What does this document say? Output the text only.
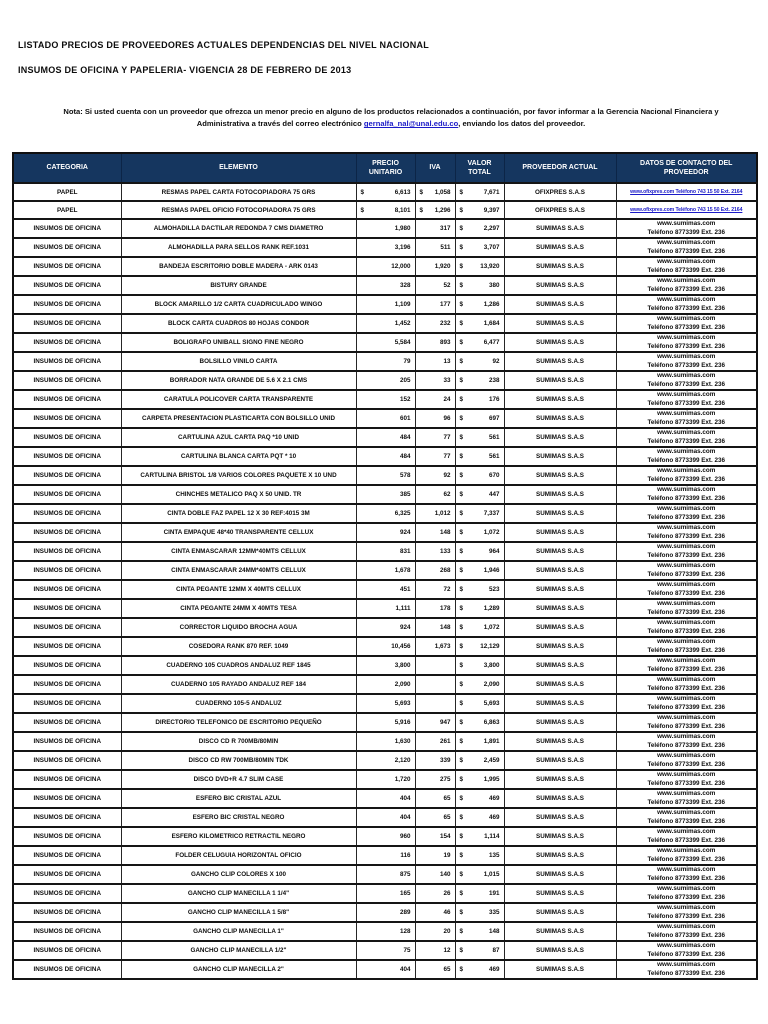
LISTADO PRECIOS DE PROVEEDORES ACTUALES DEPENDENCIAS DEL NIVEL NACIONAL
INSUMOS DE OFICINA Y PAPELERIA- VIGENCIA 28 DE FEBRERO DE 2013
Nota: Si usted cuenta con un proveedor que ofrezca un menor precio en alguno de los productos relacionados a continuación, por favor informar a la Gerencia Nacional Financiera y Administrativa a través del correo electrónico gernalfa_nal@unal.edu.co, enviando los datos del proveedor.
CATEGORIA	ELEMENTO	PRECIO UNITARIO	IVA	VALOR TOTAL	PROVEEDOR ACTUAL	DATOS DE CONTACTO DEL PROVEEDOR
PAPEL	RESMAS PAPEL CARTA FOTOCOPIADORA 75 GRS	$ 6,613	$ 1,058	$ 7,671	OFIXPRES S.A.S	www.ofixpres.com Teléfono 743 15 50 Ext. 2164
PAPEL	RESMAS PAPEL OFICIO FOTOCOPIADORA 75 GRS	$ 8,101	$ 1,296	$ 9,397	OFIXPRES S.A.S	www.ofixpres.com Teléfono 743 15 50 Ext. 2164
INSUMOS DE OFICINA	ALMOHADILLA DACTILAR REDONDA 7 CMS DIAMETRO	1,980	317	$ 2,297	SUMIMAS S.A.S	www.sumimas.com
Teléfono 8773399 Ext. 236
INSUMOS DE OFICINA	ALMOHADILLA PARA SELLOS RANK REF.1031	3,196	511	$ 3,707	SUMIMAS S.A.S	www.sumimas.com
Teléfono 8773399 Ext. 236
INSUMOS DE OFICINA	BANDEJA ESCRITORIO DOBLE MADERA - ARK 0143	12,000	1,920	$ 13,920	SUMIMAS S.A.S	www.sumimas.com
Teléfono 8773399 Ext. 236
INSUMOS DE OFICINA	BISTURY GRANDE	328	52	$ 380	SUMIMAS S.A.S	www.sumimas.com
Teléfono 8773399 Ext. 236
INSUMOS DE OFICINA	BLOCK AMARILLO 1/2 CARTA CUADRICULADO WINGO	1,109	177	$ 1,286	SUMIMAS S.A.S	www.sumimas.com
Teléfono 8773399 Ext. 236
INSUMOS DE OFICINA	BLOCK CARTA CUADROS 80 HOJAS CONDOR	1,452	232	$ 1,684	SUMIMAS S.A.S	www.sumimas.com
Teléfono 8773399 Ext. 236
INSUMOS DE OFICINA	BOLIGRAFO UNIBALL SIGNO FINE NEGRO	5,584	893	$ 6,477	SUMIMAS S.A.S	www.sumimas.com
Teléfono 8773399 Ext. 236
INSUMOS DE OFICINA	BOLSILLO VINILO CARTA	79	13	$ 92	SUMIMAS S.A.S	www.sumimas.com
Teléfono 8773399 Ext. 236
INSUMOS DE OFICINA	BORRADOR NATA GRANDE DE 5.6 X 2.1 CMS	205	33	$ 238	SUMIMAS S.A.S	www.sumimas.com
Teléfono 8773399 Ext. 236
INSUMOS DE OFICINA	CARATULA POLICOVER CARTA TRANSPARENTE	152	24	$ 176	SUMIMAS S.A.S	www.sumimas.com
Teléfono 8773399 Ext. 236
INSUMOS DE OFICINA	CARPETA PRESENTACION PLASTICARTA CON BOLSILLO UNID	601	96	$ 697	SUMIMAS S.A.S	www.sumimas.com
Teléfono 8773399 Ext. 236
INSUMOS DE OFICINA	CARTULINA AZUL CARTA PAQ *10 UNID	484	77	$ 561	SUMIMAS S.A.S	www.sumimas.com
Teléfono 8773399 Ext. 236
INSUMOS DE OFICINA	CARTULINA BLANCA CARTA PQT * 10	484	77	$ 561	SUMIMAS S.A.S	www.sumimas.com
Teléfono 8773399 Ext. 236
INSUMOS DE OFICINA	CARTULINA BRISTOL 1/8 VARIOS COLORES PAQUETE X 10 UND	578	92	$ 670	SUMIMAS S.A.S	www.sumimas.com
Teléfono 8773399 Ext. 236
INSUMOS DE OFICINA	CHINCHES METALICO PAQ X 50 UNID. TR	385	62	$ 447	SUMIMAS S.A.S	www.sumimas.com
Teléfono 8773399 Ext. 236
INSUMOS DE OFICINA	CINTA DOBLE FAZ PAPEL 12 X 30 REF:4015 3M	6,325	1,012	$ 7,337	SUMIMAS S.A.S	www.sumimas.com
Teléfono 8773399 Ext. 236
INSUMOS DE OFICINA	CINTA EMPAQUE 48*40 TRANSPARENTE CELLUX	924	148	$ 1,072	SUMIMAS S.A.S	www.sumimas.com
Teléfono 8773399 Ext. 236
INSUMOS DE OFICINA	CINTA ENMASCARAR 12MM*40MTS CELLUX	831	133	$ 964	SUMIMAS S.A.S	www.sumimas.com
Teléfono 8773399 Ext. 236
INSUMOS DE OFICINA	CINTA ENMASCARAR 24MM*40MTS CELLUX	1,678	268	$ 1,946	SUMIMAS S.A.S	www.sumimas.com
Teléfono 8773399 Ext. 236
INSUMOS DE OFICINA	CINTA PEGANTE 12MM X 40MTS CELLUX	451	72	$ 523	SUMIMAS S.A.S	www.sumimas.com
Teléfono 8773399 Ext. 236
INSUMOS DE OFICINA	CINTA PEGANTE 24MM X 40MTS TESA	1,111	178	$ 1,289	SUMIMAS S.A.S	www.sumimas.com
Teléfono 8773399 Ext. 236
INSUMOS DE OFICINA	CORRECTOR LIQUIDO BROCHA AGUA	924	148	$ 1,072	SUMIMAS S.A.S	www.sumimas.com
Teléfono 8773399 Ext. 236
INSUMOS DE OFICINA	COSEDORA RANK 870 REF. 1049	10,456	1,673	$ 12,129	SUMIMAS S.A.S	www.sumimas.com
Teléfono 8773399 Ext. 236
INSUMOS DE OFICINA	CUADERNO 105 CUADROS ANDALUZ REF 1845	3,800		$ 3,800	SUMIMAS S.A.S	www.sumimas.com
Teléfono 8773399 Ext. 236
INSUMOS DE OFICINA	CUADERNO 105 RAYADO ANDALUZ REF 184	2,090		$ 2,090	SUMIMAS S.A.S	www.sumimas.com
Teléfono 8773399 Ext. 236
INSUMOS DE OFICINA	CUADERNO 105-5 ANDALUZ	5,693		$ 5,693	SUMIMAS S.A.S	www.sumimas.com
Teléfono 8773399 Ext. 236
INSUMOS DE OFICINA	DIRECTORIO TELEFONICO DE ESCRITORIO PEQUEÑO	5,916	947	$ 6,863	SUMIMAS S.A.S	www.sumimas.com
Teléfono 8773399 Ext. 236
INSUMOS DE OFICINA	DISCO CD R 700MB/80MIN	1,630	261	$ 1,891	SUMIMAS S.A.S	www.sumimas.com
Teléfono 8773399 Ext. 236
INSUMOS DE OFICINA	DISCO CD RW 700MB/80MIN TDK	2,120	339	$ 2,459	SUMIMAS S.A.S	www.sumimas.com
Teléfono 8773399 Ext. 236
INSUMOS DE OFICINA	DISCO DVD+R 4.7 SLIM CASE	1,720	275	$ 1,995	SUMIMAS S.A.S	www.sumimas.com
Teléfono 8773399 Ext. 236
INSUMOS DE OFICINA	ESFERO BIC CRISTAL AZUL	404	65	$ 469	SUMIMAS S.A.S	www.sumimas.com
Teléfono 8773399 Ext. 236
INSUMOS DE OFICINA	ESFERO BIC CRISTAL NEGRO	404	65	$ 469	SUMIMAS S.A.S	www.sumimas.com
Teléfono 8773399 Ext. 236
INSUMOS DE OFICINA	ESFERO KILOMETRICO RETRACTIL NEGRO	960	154	$ 1,114	SUMIMAS S.A.S	www.sumimas.com
Teléfono 8773399 Ext. 236
INSUMOS DE OFICINA	FOLDER CELUGUIA HORIZONTAL OFICIO	116	19	$ 135	SUMIMAS S.A.S	www.sumimas.com
Teléfono 8773399 Ext. 236
INSUMOS DE OFICINA	GANCHO CLIP COLORES X 100	875	140	$ 1,015	SUMIMAS S.A.S	www.sumimas.com
Teléfono 8773399 Ext. 236
INSUMOS DE OFICINA	GANCHO CLIP MANECILLA 1 1/4"	165	26	$ 191	SUMIMAS S.A.S	www.sumimas.com
Teléfono 8773399 Ext. 236
INSUMOS DE OFICINA	GANCHO CLIP MANECILLA 1 5/8"	289	46	$ 335	SUMIMAS S.A.S	www.sumimas.com
Teléfono 8773399 Ext. 236
INSUMOS DE OFICINA	GANCHO CLIP MANECILLA 1"	128	20	$ 148	SUMIMAS S.A.S	www.sumimas.com
Teléfono 8773399 Ext. 236
INSUMOS DE OFICINA	GANCHO CLIP MANECILLA 1/2"	75	12	$ 87	SUMIMAS S.A.S	www.sumimas.com
Teléfono 8773399 Ext. 236
INSUMOS DE OFICINA	GANCHO CLIP MANECILLA 2"	404	65	$ 469	SUMIMAS S.A.S	www.sumimas.com
Teléfono 8773399 Ext. 236
